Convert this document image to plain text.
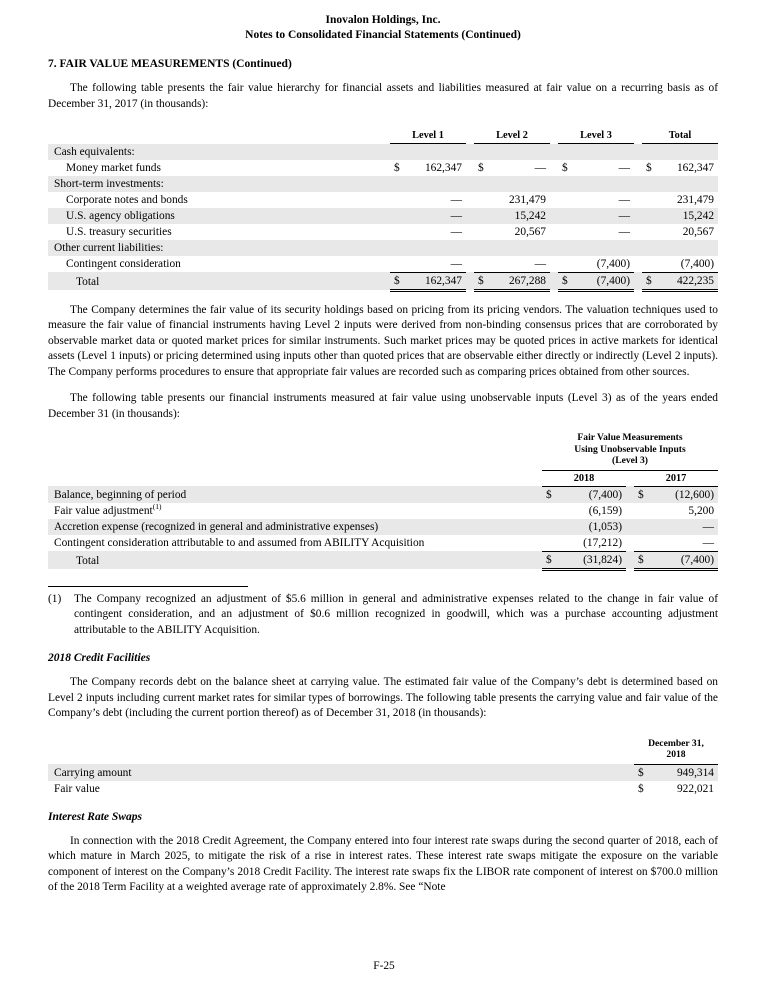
Inovalon Holdings, Inc.
Notes to Consolidated Financial Statements (Continued)
7. FAIR VALUE MEASUREMENTS (Continued)

The following table presents the fair value hierarchy for financial assets and liabilities measured at fair value on a recurring basis as of December 31, 2017 (in thousands):

		Level 1			Level 2			Level 3			Total	
Cash equivalents:												
Money market funds		$	162,347		$	—		$	—		$	162,347
Short-term investments:												
Corporate notes and bonds			—			231,479			—			231,479
U.S. agency obligations			—			15,242			—			15,242
U.S. treasury securities			—			20,567			—			20,567
Other current liabilities:												
Contingent consideration			—			—			(7,400)			(7,400)
Total		$	162,347		$	267,288		$	(7,400)		$	422,235

The Company determines the fair value of its security holdings based on pricing from its pricing vendors. The valuation techniques used to measure the fair value of financial instruments having Level 2 inputs were derived from non-binding consensus prices that are corroborated by observable market data or quoted market prices for similar instruments. Such market prices may be quoted prices in active markets for identical assets (Level 1 inputs) or pricing determined using inputs other than quoted prices that are observable either directly or indirectly (Level 2 inputs). The Company performs procedures to ensure that appropriate fair values are recorded such as comparing prices obtained from other sources.

The following table presents our financial instruments measured at fair value using unobservable inputs (Level 3) as of the years ended December 31 (in thousands):

		Fair Value Measurements Using Unobservable Inputs (Level 3)				

		2018			2017	
Balance, beginning of period		$	(7,400)		$	(12,600)
Fair value adjustment$^{(1)}$			(6,159)			5,200
Accretion expense (recognized in general and administrative expenses)			(1,053)			—
Contingent consideration attributable to and assumed from ABILITY Acquisition			(17,212)			—
Total		$	(31,824)		$	(7,400)
(1)	The Company recognized an adjustment of $5.6 million in general and administrative expenses related to the change in fair value of contingent consideration, and an adjustment of $0.6 million recognized in goodwill, which was a purchase accounting adjustment attributable to the ABILITY Acquisition.
2018 Credit Facilities

The Company records debt on the balance sheet at carrying value. The estimated fair value of the Company’s debt is determined based on Level 2 inputs including current market rates for similar types of borrowings. The following table presents the carrying value and fair value of the Company’s debt (including the current portion thereof) as of December 31, 2018 (in thousands):

		December 31,
2018	

Carrying amount		$	949,314
Fair value		$	922,021
Interest Rate Swaps

In connection with the 2018 Credit Agreement, the Company entered into four interest rate swaps during the second quarter of 2018, each of which mature in March 2025, to mitigate the risk of a rise in interest rates. These interest rate swaps mitigate the exposure on the variable component of interest on the Company’s 2018 Credit Facility. The interest rate swaps fix the LIBOR rate component of interest on $700.0 million of the 2018 Term Facility at a weighted average rate of approximately 2.8%. See “Note

F-25
